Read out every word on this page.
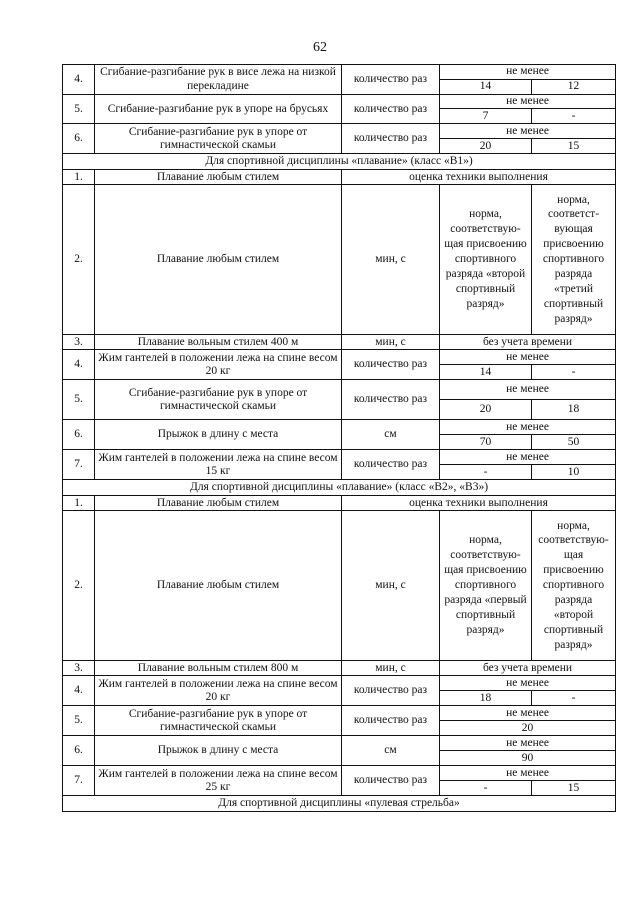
62
4.	Сгибание-разгибание рук в висе лежа на низкой перекладине	количество раз	не менее	
			14	12
5.	Сгибание-разгибание рук в упоре на брусьях	количество раз	не менее	
			7	-
6.	Сгибание-разгибание рук в упоре от гимнастической скамьи	количество раз	не менее	
			20	15
Для спортивной дисциплины «плавание» (класс «В1»)				
1.	Плавание любым стилем	оценка техники выполнения		
2.	Плавание любым стилем	мин, с	норма, соответствую-щая присвоению спортивного разряда «второй спортивный разряд»	норма, соответст-вующая присвоению спортивного разряда «третий спортивный разряд»
3.	Плавание вольным стилем 400 м	мин, с	без учета времени	
4.	Жим гантелей в положении лежа на спине весом 20 кг	количество раз	не менее	
			14	-
5.	Сгибание-разгибание рук в упоре от гимнастической скамьи	количество раз	не менее	
			20	18
6.	Прыжок в длину с места	см	не менее	
			70	50
7.	Жим гантелей в положении лежа на спине весом 15 кг	количество раз	не менее	
			-	10
Для спортивной дисциплины «плавание» (класс «В2», «В3»)				
1.	Плавание любым стилем	оценка техники выполнения		
2.	Плавание любым стилем	мин, с	норма, соответствую-щая присвоению спортивного разряда «первый спортивный разряд»	норма, соответствую-щая присвоению спортивного разряда «второй спортивный разряд»
3.	Плавание вольным стилем 800 м	мин, с	без учета времени	
4.	Жим гантелей в положении лежа на спине весом 20 кг	количество раз	не менее	
			18	-
5.	Сгибание-разгибание рук в упоре от гимнастической скамьи	количество раз	не менее	
			20	
6.	Прыжок в длину с места	см	не менее	
			90	
7.	Жим гантелей в положении лежа на спине весом 25 кг	количество раз	не менее	
			-	15
Для спортивной дисциплины «пулевая стрельба»				
